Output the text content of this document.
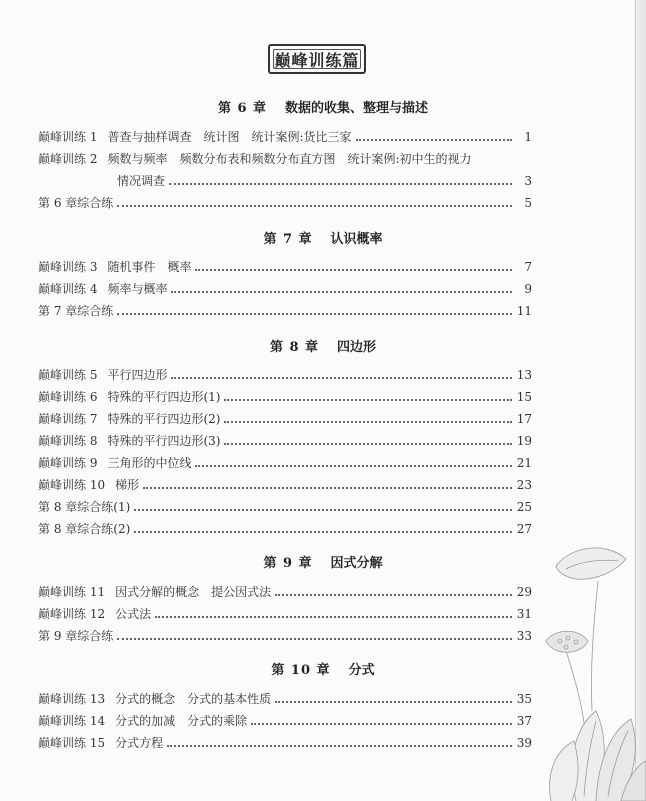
巅峰训练篇
第 6 章 数据的收集、整理与描述
巅峰训练 1 普查与抽样调查　统计图　统计案例:货比三家	1
巅峰训练 2 频数与频率　频数分布表和频数分布直方图　统计案例:初中生的视力
情况调查	3
第 6 章综合练	5
第 7 章 认识概率
巅峰训练 3 随机事件　概率	7
巅峰训练 4 频率与概率	9
第 7 章综合练	11
第 8 章 四边形
巅峰训练 5 平行四边形	13
巅峰训练 6 特殊的平行四边形(1)	15
巅峰训练 7 特殊的平行四边形(2)	17
巅峰训练 8 特殊的平行四边形(3)	19
巅峰训练 9 三角形的中位线	21
巅峰训练 10 梯形	23
第 8 章综合练(1)	25
第 8 章综合练(2)	27
第 9 章 因式分解
巅峰训练 11 因式分解的概念　提公因式法	29
巅峰训练 12 公式法	31
第 9 章综合练	33
第 10 章 分式
巅峰训练 13 分式的概念　分式的基本性质	35
巅峰训练 14 分式的加减　分式的乘除	37
巅峰训练 15 分式方程	39
